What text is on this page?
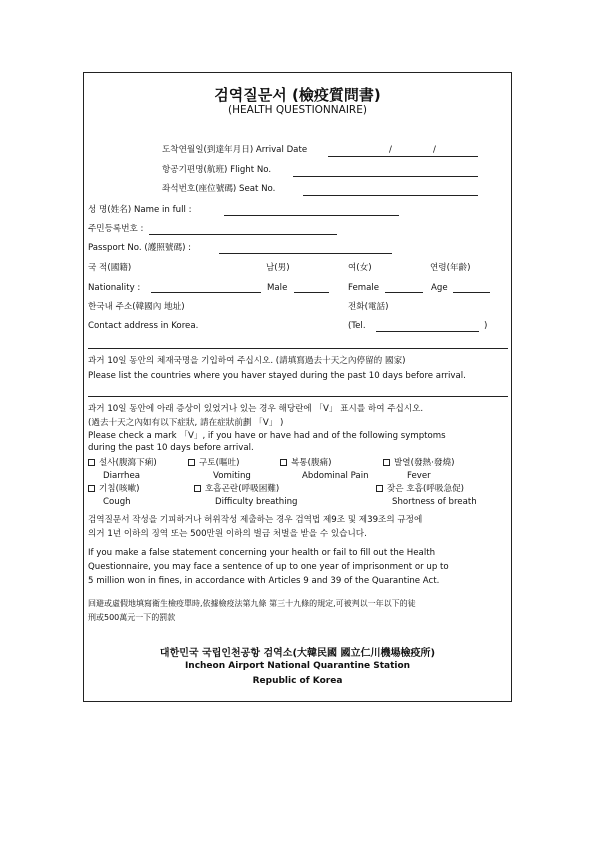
검역질문서 (檢疫質問書)
(HEALTH QUESTIONNAIRE)
도착연월일(到達年月日) Arrival Date	/	/
항공기편명(航班) Flight No.
좌석번호(座位號碼) Seat No.
성 명(姓名) Name in full :
주민등록번호 :
Passport No. (護照號碼) :
국 적(國籍)	남(男)	여(女)	연령(年齡)
Nationality :	Male	Female	Age
한국내 주소(韓國內 地址)	전화(電話)
Contact address in Korea.	(Tel.	)
과거 10일 동안의 체재국명을 기입하여 주십시오. (請填寫過去十天之內停留的 國家)
Please list the countries where you haver stayed during the past 10 days before arrival.
과거 10일 동안에 아래 증상이 있었거나 있는 경우 해당란에 「V」 표시를 하여 주십시오.
(過去十天之內如有以下症狀, 請在症狀前劃 「V」 )
Please check a mark 「V」, if you have or have had and of the following symptoms
during the past 10 days before arrival.
설사(腹瀉下痢)	구토(嘔吐)	복통(腹痛)	발열(發熱·發燒)
Diarrhea	Vomiting	Abdominal Pain	Fever
기침(咳嗽)	호흡곤란(呼吸困難)	잦은 호흡(呼吸急促)
Cough	Difficulty breathing	Shortness of breath
검역질문서 작성을 기피하거나 허위작성 제출하는 경우 검역법 제9조 및 제39조의 규정에
의거 1년 이하의 징역 또는 500만원 이하의 벌금 처벌을 받을 수 있습니다.
If you make a false statement concerning your health or fail to fill out the Health
Questionnaire, you may face a sentence of up to one year of imprisonment or up to
5 million won in fines, in accordance with Articles 9 and 39 of the Quarantine Act.
回避或虛假地填寫衛生檢疫單時,依據檢疫法第九條 第三十九條的規定,可被判以一年以下的徒
刑或500萬元一下的罰款
대한민국 국립인천공항 검역소(大韓民國 國立仁川機場檢疫所)
Incheon Airport National Quarantine Station
Republic of Korea
